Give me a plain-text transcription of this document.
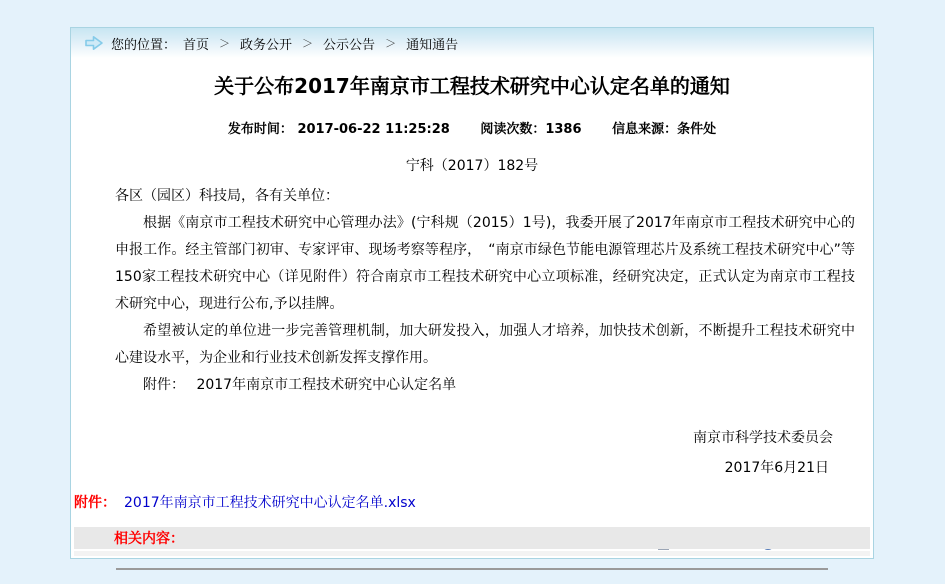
您的位置： 首页 ＞ 政务公开 ＞ 公示公告 ＞ 通知通告
关于公布2017年南京市工程技术研究中心认定名单的通知
发布时间： 2017-06-22 11:25:28 阅读次数：1386 信息来源：条件处
宁科（2017）182号

各区（园区）科技局，各有关单位：

根据《南京市工程技术研究中心管理办法》(宁科规（2015）1号)，我委开展了2017年南京市工程技术研究中心的申报工作。经主管部门初审、专家评审、现场考察等程序，　“南京市绿色节能电源管理芯片及系统工程技术研究中心”等150家工程技术研究中心（详见附件）符合南京市工程技术研究中心立项标准，经研究决定，正式认定为南京市工程技术研究中心，现进行公布,予以挂牌。

希望被认定的单位进一步完善管理机制，加大研发投入，加强人才培养，加快技术创新，不断提升工程技术研究中心建设水平，为企业和行业技术创新发挥支撑作用。

附件：　 2017年南京市工程技术研究中心认定名单

南京市科学技术委员会
2017年6月21日
附件： 2017年南京市工程技术研究中心认定名单.xlsx
相关内容：
